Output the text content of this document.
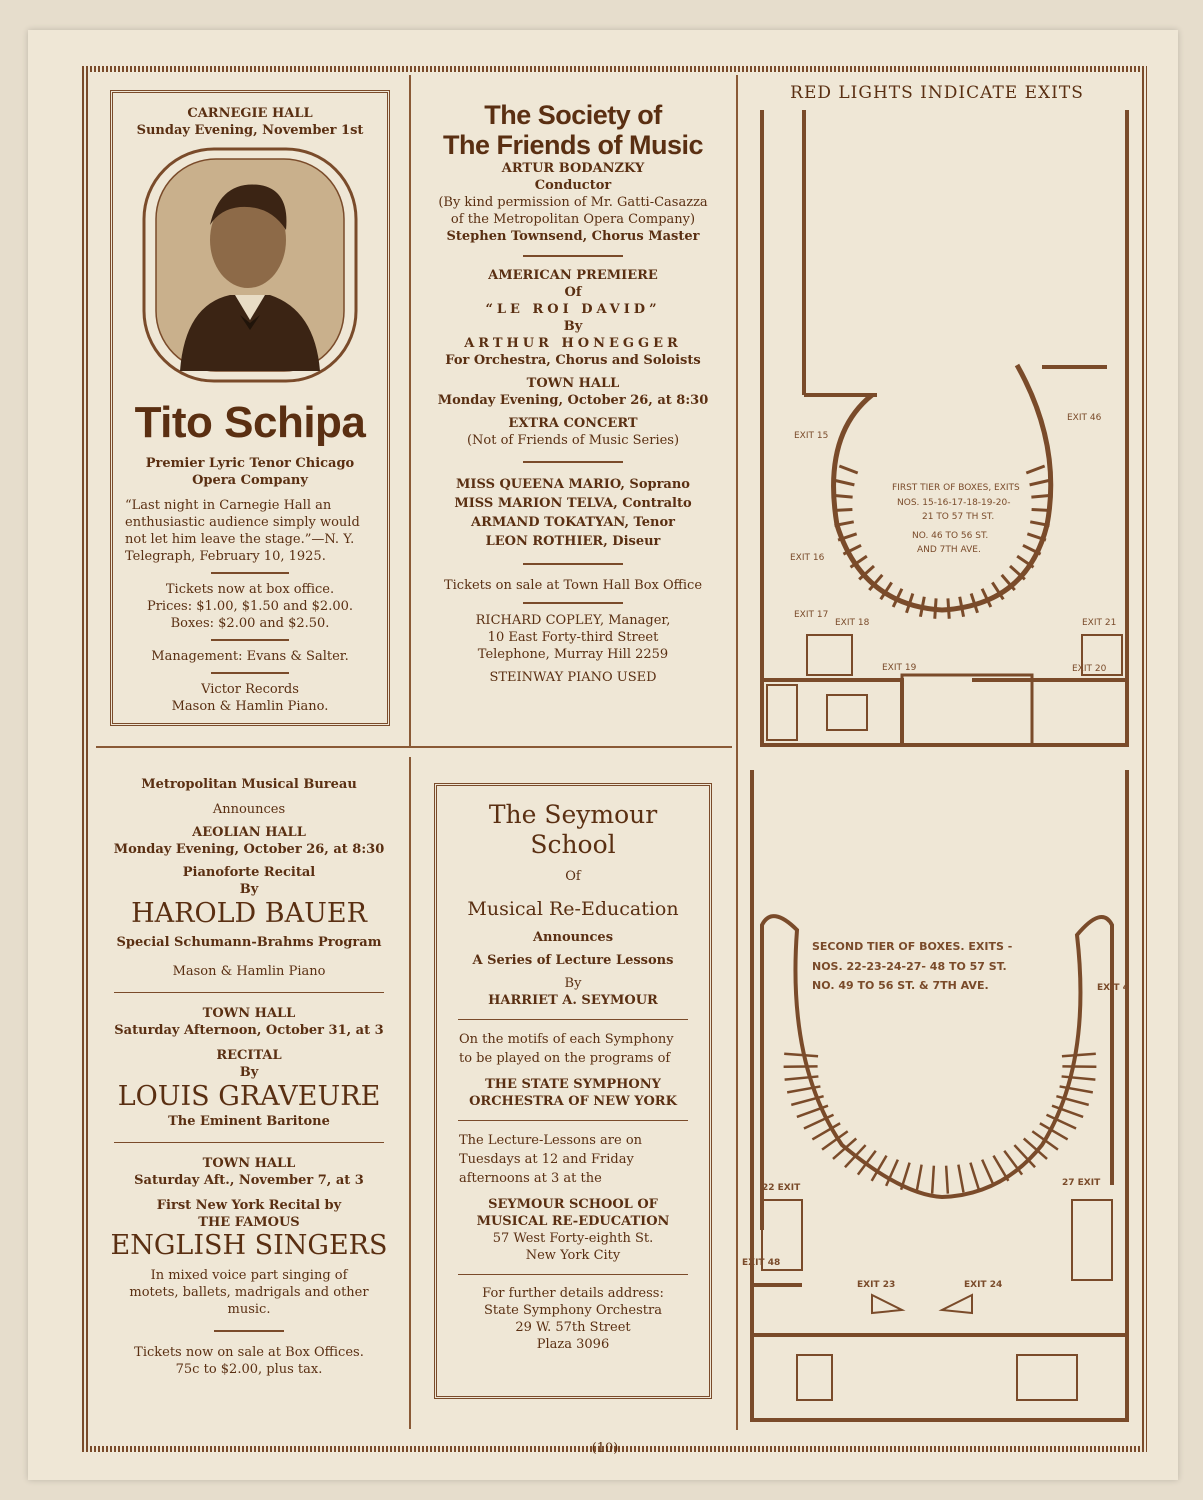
CARNEGIE HALL
Sunday Evening, November 1st
Tito Schipa
Premier Lyric Tenor Chicago
Opera Company
“Last night in Carnegie Hall an enthusiastic audience simply would not let him leave the stage.”—N. Y. Telegraph, February 10, 1925.
Tickets now at box office.
Prices: $1.00, $1.50 and $2.00.
Boxes: $2.00 and $2.50.
Management: Evans & Salter.
Victor Records
Mason & Hamlin Piano.
The Society of
The Friends of Music
ARTUR BODANZKY
Conductor
(By kind permission of Mr. Gatti-Casazza of the Metropolitan Opera Company)
Stephen Townsend, Chorus Master
AMERICAN PREMIERE
Of
“LE ROI DAVID”
By
ARTHUR HONEGGER
For Orchestra, Chorus and Soloists
TOWN HALL
Monday Evening, October 26, at 8:30
EXTRA CONCERT
(Not of Friends of Music Series)
MISS QUEENA MARIO, Soprano
MISS MARION TELVA, Contralto
ARMAND TOKATYAN, Tenor
LEON ROTHIER, Diseur
Tickets on sale at Town Hall Box Office
RICHARD COPLEY, Manager,
10 East Forty-third Street
Telephone, Murray Hill 2259
STEINWAY PIANO USED
RED LIGHTS INDICATE EXITS
FIRST TIER OF BOXES, EXITS
NOS. 15-16-17-18-19-20-
21 TO 57 TH ST.
NO. 46 TO 56 ST.
AND 7TH AVE.
EXIT 15
EXIT 16
EXIT 17
EXIT 18
EXIT 19	EXIT 20
EXIT 21
EXIT 46
SECOND TIER OF BOXES. EXITS -
NOS. 22-23-24-27- 48 TO 57 ST.
NO. 49 TO 56 ST. & 7TH AVE.
22 EXIT	27 EXIT
EXIT 48
EXIT 23	EXIT 24
EXIT 4
Metropolitan Musical Bureau
Announces
AEOLIAN HALL
Monday Evening, October 26, at 8:30
Pianoforte Recital
By
HAROLD BAUER
Special Schumann-Brahms Program
Mason & Hamlin Piano
TOWN HALL
Saturday Afternoon, October 31, at 3
RECITAL
By
LOUIS GRAVEURE
The Eminent Baritone
TOWN HALL
Saturday Aft., November 7, at 3
First New York Recital by
THE FAMOUS
ENGLISH SINGERS
In mixed voice part singing of motets, ballets, madrigals and other music.
Tickets now on sale at Box Offices.
75c to $2.00, plus tax.
The Seymour School
Of
Musical Re-Education
Announces
A Series of Lecture Lessons
By
HARRIET A. SEYMOUR
On the motifs of each Symphony to be played on the programs of
THE STATE SYMPHONY
ORCHESTRA OF NEW YORK
The Lecture-Lessons are on Tuesdays at 12 and Friday afternoons at 3 at the
SEYMOUR SCHOOL OF
MUSICAL RE-EDUCATION
57 West Forty-eighth St.
New York City
For further details address:
State Symphony Orchestra
29 W. 57th Street
Plaza 3096
(10)
